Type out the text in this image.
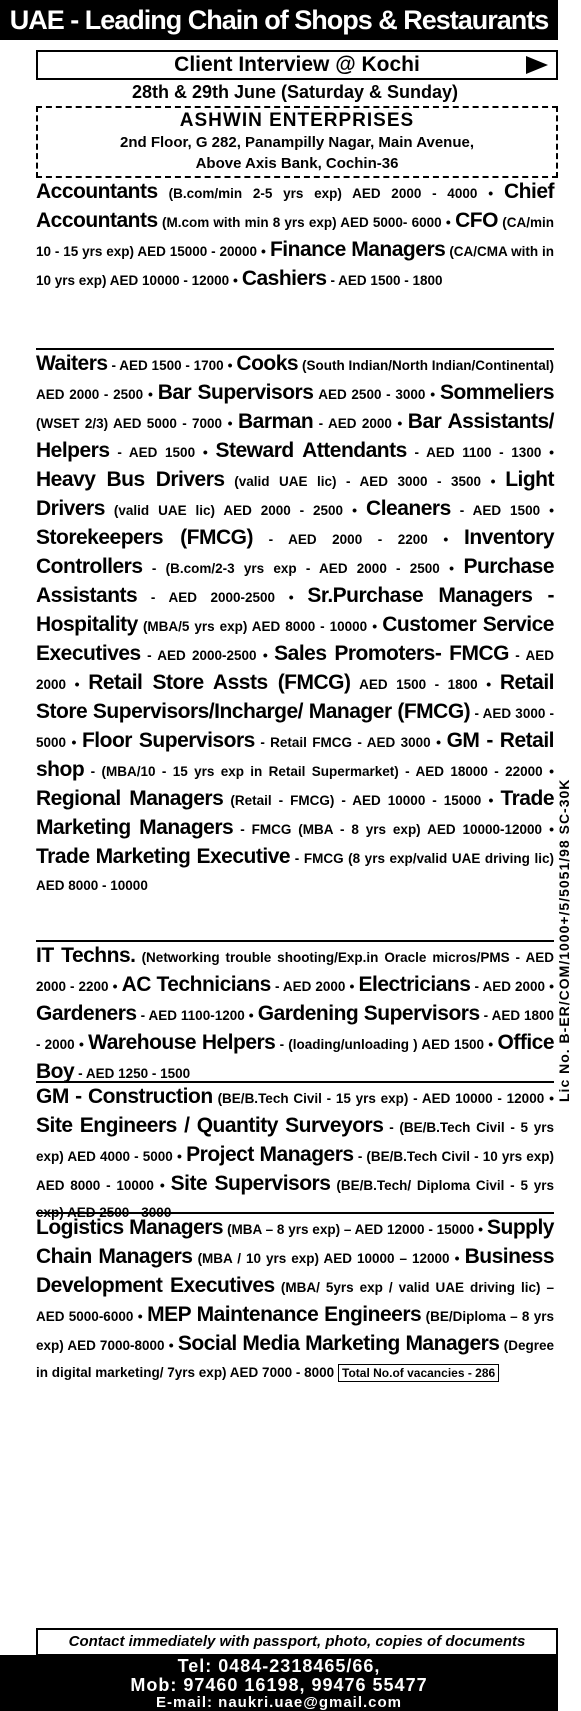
UAE - Leading Chain of Shops & Restaurants
Client Interview @ Kochi
28th & 29th June (Saturday & Sunday)
ASHWIN ENTERPRISES
2nd Floor, G 282, Panampilly Nagar, Main Avenue,
Above Axis Bank, Cochin-36
Accountants (B.com/min 2-5 yrs exp) AED 2000 - 4000 • Chief Accountants (M.com with min 8 yrs exp) AED 5000- 6000 • CFO (CA/min 10 - 15 yrs exp) AED 15000 - 20000 • Finance Managers (CA/CMA with in 10 yrs exp) AED 10000 - 12000 • Cashiers - AED 1500 - 1800
Waiters - AED 1500 - 1700 • Cooks (South Indian/North Indian/Continental) AED 2000 - 2500 • Bar Supervisors AED 2500 - 3000 • Sommeliers (WSET 2/3) AED 5000 - 7000 • Barman - AED 2000 • Bar Assistants/ Helpers - AED 1500 • Steward Attendants - AED 1100 - 1300 • Heavy Bus Drivers (valid UAE lic) - AED 3000 - 3500 • Light Drivers (valid UAE lic) AED 2000 - 2500 • Cleaners - AED 1500 • Storekeepers (FMCG) - AED 2000 - 2200 • Inventory Controllers - (B.com/2-3 yrs exp - AED 2000 - 2500 • Purchase Assistants - AED 2000-2500 • Sr.Purchase Managers - Hospitality (MBA/5 yrs exp) AED 8000 - 10000 • Customer Service Executives - AED 2000-2500 • Sales Promoters- FMCG - AED 2000 • Retail Store Assts (FMCG) AED 1500 - 1800 • Retail Store Supervisors/Incharge/ Manager (FMCG) - AED 3000 - 5000 • Floor Supervisors - Retail FMCG - AED 3000 • GM - Retail shop - (MBA/10 - 15 yrs exp in Retail Supermarket) - AED 18000 - 22000 • Regional Managers (Retail - FMCG) - AED 10000 - 15000 • Trade Marketing Managers - FMCG (MBA - 8 yrs exp) AED 10000-12000 • Trade Marketing Executive - FMCG (8 yrs exp/valid UAE driving lic) AED 8000 - 10000
IT Techns. (Networking trouble shooting/Exp.in Oracle micros/PMS - AED 2000 - 2200 • AC Technicians - AED 2000 • Electricians - AED 2000 • Gardeners - AED 1100-1200 • Gardening Supervisors - AED 1800 - 2000 • Warehouse Helpers - (loading/unloading ) AED 1500 • Office Boy - AED 1250 - 1500
GM - Construction (BE/B.Tech Civil - 15 yrs exp) - AED 10000 - 12000 • Site Engineers / Quantity Surveyors - (BE/B.Tech Civil - 5 yrs exp) AED 4000 - 5000 • Project Managers - (BE/B.Tech Civil - 10 yrs exp) AED 8000 - 10000 • Site Supervisors (BE/B.Tech/ Diploma Civil - 5 yrs exp) AED 2500 - 3000
Logistics Managers (MBA – 8 yrs exp) – AED 12000 - 15000 • Supply Chain Managers (MBA / 10 yrs exp) AED 10000 – 12000 • Business Development Executives (MBA/ 5yrs exp / valid UAE driving lic) – AED 5000-6000 • MEP Maintenance Engineers (BE/Diploma – 8 yrs exp) AED 7000-8000 • Social Media Marketing Managers (Degree in digital marketing/ 7yrs exp) AED 7000 - 8000 Total No.of vacancies - 286
Lic No. B-ER/COM/1000+/5/5051/98 SC-30K
Contact immediately with passport, photo, copies of documents
Tel: 0484-2318465/66,
Mob: 97460 16198, 99476 55477
E-mail: naukri.uae@gmail.com
